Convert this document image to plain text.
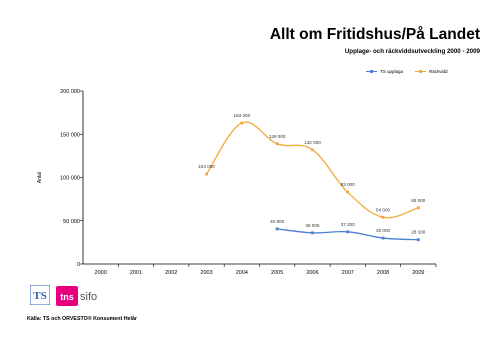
Allt om Fritidshus/På Landet
Upplage- och räckviddsutveckling 2000 - 2009
TS upplaga	Räckvidd
0
50 000
100 000
150 000
200 000
2000	2001	2002	2003	2004	2005	2006	2007	2008	2009
Antal
40 600
36 000	37 200
30 000	28 100
104 000
163 000
139 000
132 000
83 000
54 000
65 000
TS tns sifo
Källa: TS och ORVESTO® Konsument Helår
